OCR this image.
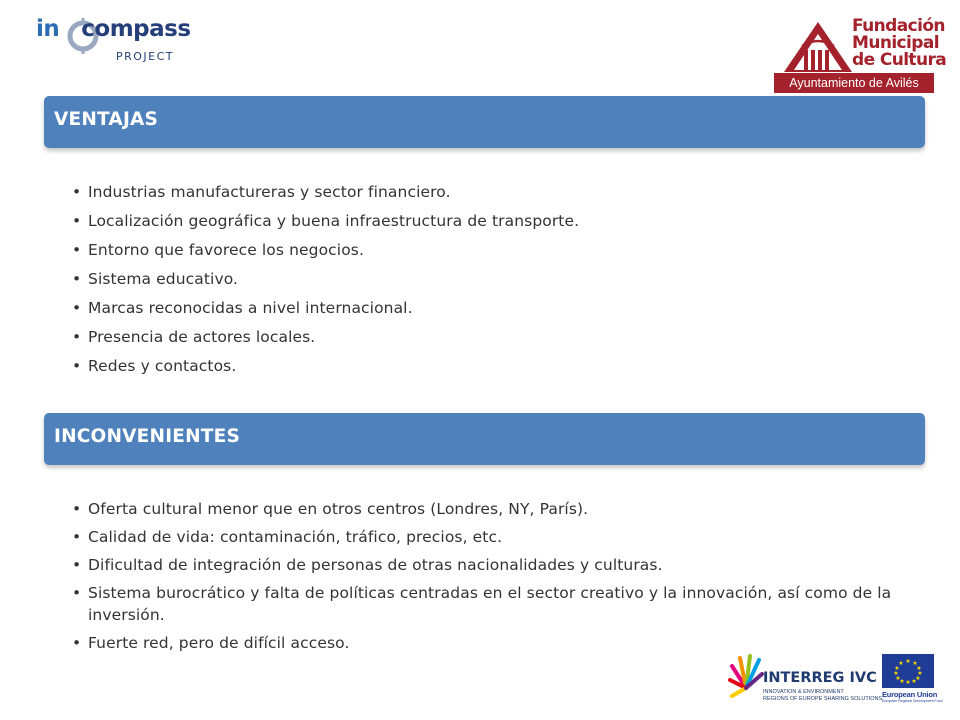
in compass
PROJECT
Fundación
Municipal
de Cultura
Ayuntamiento de Avilés
VENTAJAS
• Industrias manufactureras y sector financiero.
• Localización geográfica y buena infraestructura de transporte.
• Entorno que favorece los negocios.
• Sistema educativo.
• Marcas reconocidas a nivel internacional.
• Presencia de actores locales.
• Redes y contactos.
INCONVENIENTES
• Oferta cultural menor que en otros centros (Londres, NY, París).
• Calidad de vida: contaminación, tráfico, precios, etc.
• Dificultad de integración de personas de otras nacionalidades y culturas.
• Sistema burocrático y falta de políticas centradas en el sector creativo y la innovación, así como de la inversión.
• Fuerte red, pero de difícil acceso.
INTERREG IVC
INNOVATION & ENVIRONMENT
REGIONS OF EUROPE SHARING SOLUTIONS
★ ★
★
★
★
★
★
★
★
★
★
★
European Union
European Regional Development Fund
